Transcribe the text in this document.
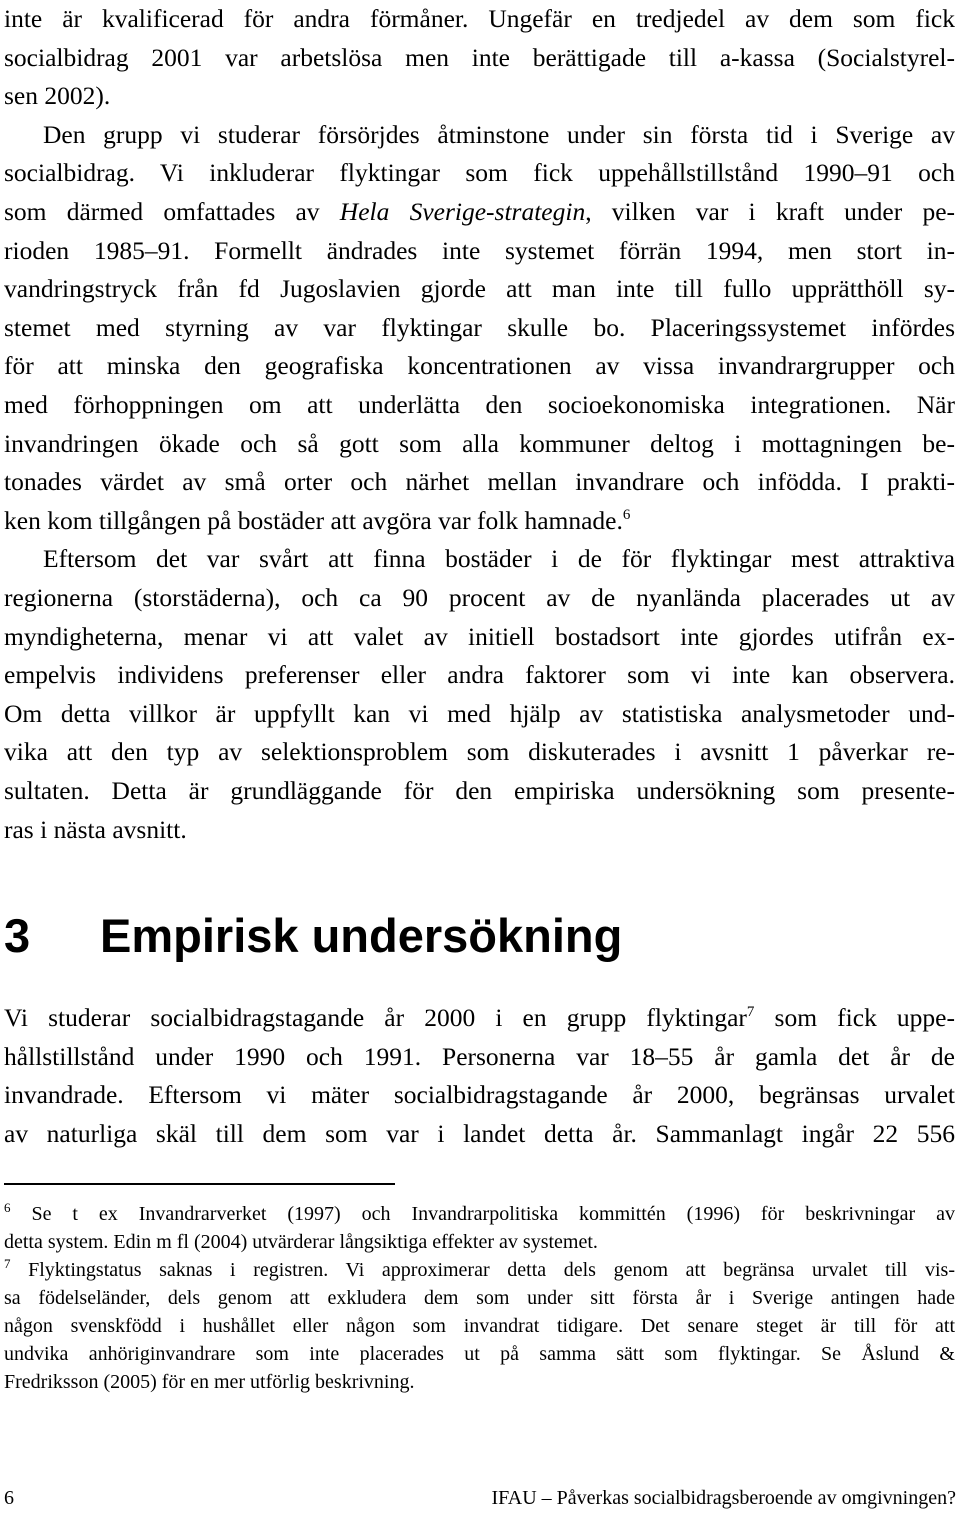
inte är kvalificerad för andra förmåner. Ungefär en tredjedel av dem som fick
socialbidrag 2001 var arbetslösa men inte berättigade till a-kassa (Socialstyrel-
sen 2002).
Den grupp vi studerar försörjdes åtminstone under sin första tid i Sverige av
socialbidrag. Vi inkluderar flyktingar som fick uppehållstillstånd 1990–91 och
som därmed omfattades av Hela Sverige-strategin, vilken var i kraft under pe-
rioden 1985–91. Formellt ändrades inte systemet förrän 1994, men stort in-
vandringstryck från fd Jugoslavien gjorde att man inte till fullo upprätthöll sy-
stemet med styrning av var flyktingar skulle bo. Placeringssystemet infördes
för att minska den geografiska koncentrationen av vissa invandrargrupper och
med förhoppningen om att underlätta den socioekonomiska integrationen. När
invandringen ökade och så gott som alla kommuner deltog i mottagningen be-
tonades värdet av små orter och närhet mellan invandrare och infödda. I prakti-
ken kom tillgången på bostäder att avgöra var folk hamnade.$^6$
Eftersom det var svårt att finna bostäder i de för flyktingar mest attraktiva
regionerna (storstäderna), och ca 90 procent av de nyanlända placerades ut av
myndigheterna, menar vi att valet av initiell bostadsort inte gjordes utifrån ex-
empelvis individens preferenser eller andra faktorer som vi inte kan observera.
Om detta villkor är uppfyllt kan vi med hjälp av statistiska analysmetoder und-
vika att den typ av selektionsproblem som diskuterades i avsnitt 1 påverkar re-
sultaten. Detta är grundläggande för den empiriska undersökning som presente-
ras i nästa avsnitt.
3 Empirisk undersökning
Vi studerar socialbidragstagande år 2000 i en grupp flyktingar$^7$ som fick uppe-
hållstillstånd under 1990 och 1991. Personerna var 18–55 år gamla det år de
invandrade. Eftersom vi mäter socialbidragstagande år 2000, begränsas urvalet
av naturliga skäl till dem som var i landet detta år. Sammanlagt ingår 22 556
$^6$ Se t ex Invandrarverket (1997) och Invandrarpolitiska kommittén (1996) för beskrivningar av
detta system. Edin m fl (2004) utvärderar långsiktiga effekter av systemet.
$^7$ Flyktingstatus saknas i registren. Vi approximerar detta dels genom att begränsa urvalet till vis-
sa födelseländer, dels genom att exkludera dem som under sitt första år i Sverige antingen hade
någon svenskfödd i hushållet eller någon som invandrat tidigare. Det senare steget är till för att
undvika anhöriginvandrare som inte placerades ut på samma sätt som flyktingar. Se Åslund &
Fredriksson (2005) för en mer utförlig beskrivning.
6	IFAU – Påverkas socialbidragsberoende av omgivningen?
